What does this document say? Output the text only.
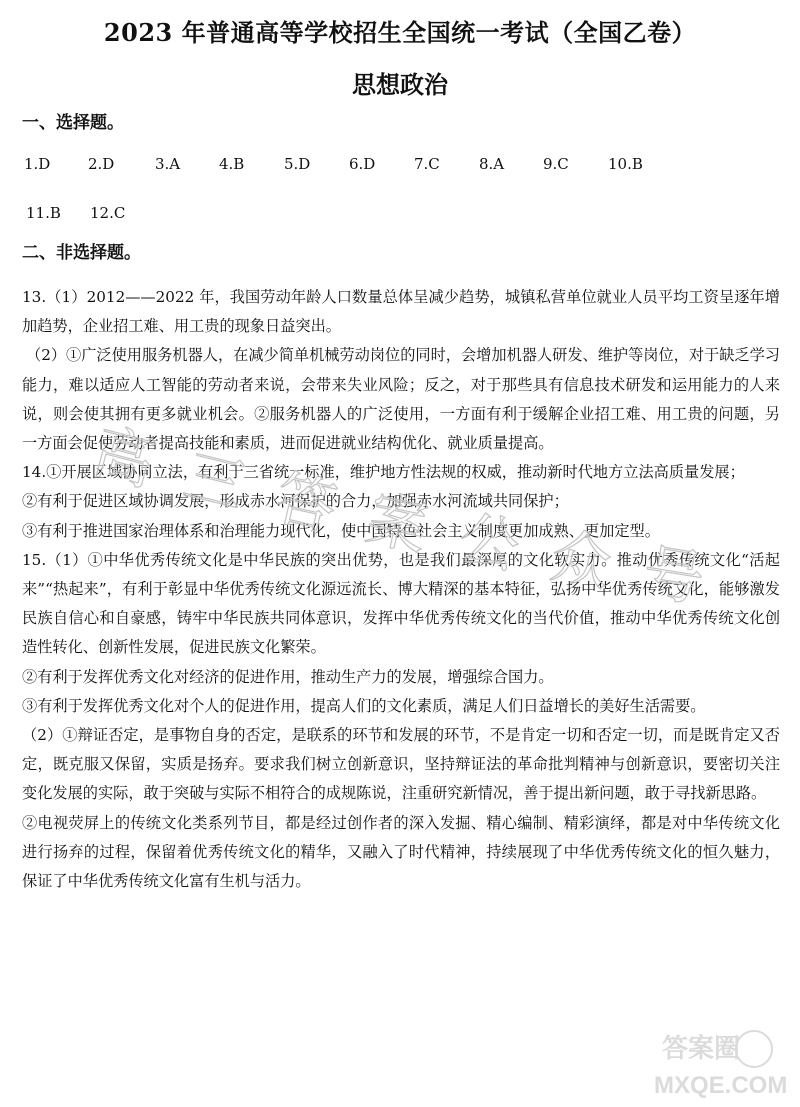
2023 年普通高等学校招生全国统一考试（全国乙卷）
思想政治
一、选择题。
1.D	2.D	3.A	4.B	5.D	6.D	7.C	8.A	9.C	10.B
11.B 12.C
二、非选择题。

13.（1）2012——2022 年，我国劳动年龄人口数量总体呈减少趋势，城镇私营单位就业人员平均工资呈逐年增加趋势，企业招工难、用工贵的现象日益突出。

（2）①广泛使用服务机器人，在减少简单机械劳动岗位的同时，会增加机器人研发、维护等岗位，对于缺乏学习能力，难以适应人工智能的劳动者来说，会带来失业风险；反之，对于那些具有信息技术研发和运用能力的人来说，则会使其拥有更多就业机会。②服务机器人的广泛使用，一方面有利于缓解企业招工难、用工贵的问题，另一方面会促使劳动者提高技能和素质，进而促进就业结构优化、就业质量提高。

14.①开展区域协同立法，有利于三省统一标准，维护地方性法规的权威，推动新时代地方立法高质量发展；

②有利于促进区域协调发展，形成赤水河保护的合力，加强赤水河流域共同保护；

③有利于推进国家治理体系和治理能力现代化，使中国特色社会主义制度更加成熟、更加定型。

15.（1）①中华优秀传统文化是中华民族的突出优势，也是我们最深厚的文化软实力。推动优秀传统文化“活起来”“热起来”，有利于彰显中华优秀传统文化源远流长、博大精深的基本特征，弘扬中华优秀传统文化，能够激发民族自信心和自豪感，铸牢中华民族共同体意识，发挥中华优秀传统文化的当代价值，推动中华优秀传统文化创造性转化、创新性发展，促进民族文化繁荣。

②有利于发挥优秀文化对经济的促进作用，推动生产力的发展，增强综合国力。

③有利于发挥优秀文化对个人的促进作用，提高人们的文化素质，满足人们日益增长的美好生活需要。

（2）①辩证否定，是事物自身的否定，是联系的环节和发展的环节，不是肯定一切和否定一切，而是既肯定又否定，既克服又保留，实质是扬弃。要求我们树立创新意识，坚持辩证法的革命批判精神与创新意识，要密切关注变化发展的实际，敢于突破与实际不相符合的成规陈说，注重研究新情况，善于提出新问题，敢于寻找新思路。

②电视荧屏上的传统文化类系列节目，都是经过创作者的深入发掘、精心编制、精彩演绎，都是对中华传统文化进行扬弃的过程，保留着优秀传统文化的精华，又融入了时代精神，持续展现了中华优秀传统文化的恒久魅力，保证了中华优秀传统文化富有生机与活力。

高三答案公众号
答案圈
MXQE.COM
